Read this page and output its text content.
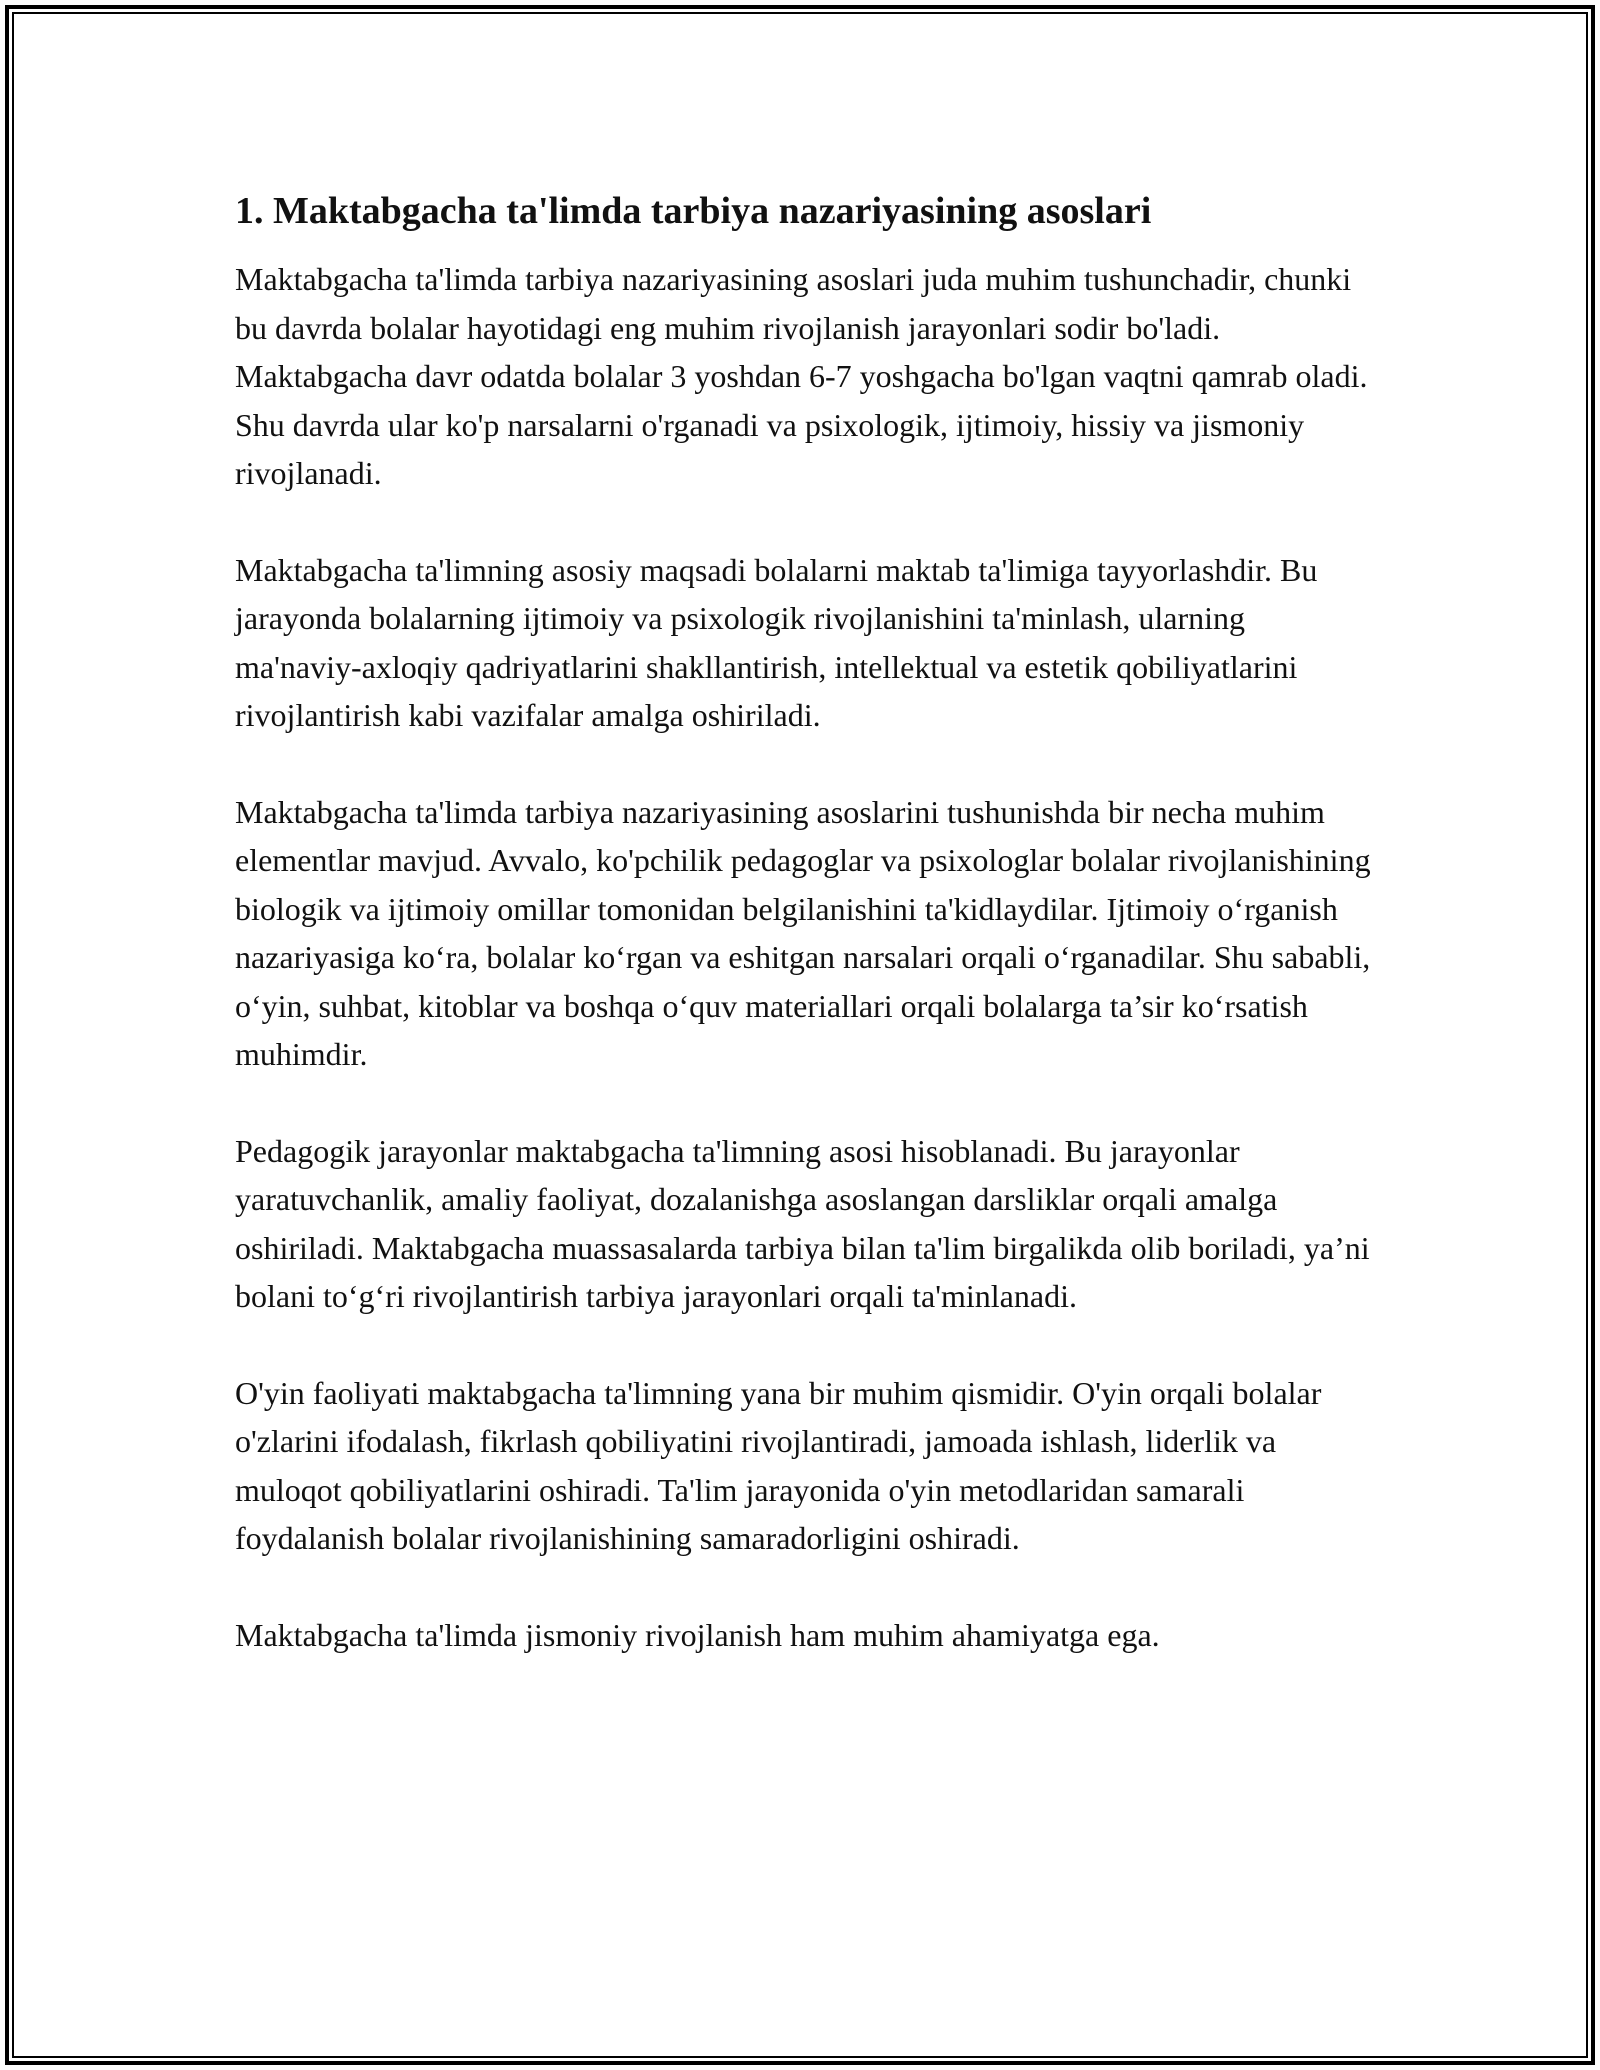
1. Maktabgacha ta'limda tarbiya nazariyasining asoslari

Maktabgacha ta'limda tarbiya nazariyasining asoslari juda muhim tushunchadir, chunki bu davrda bolalar hayotidagi eng muhim rivojlanish jarayonlari sodir bo'ladi. Maktabgacha davr odatda bolalar 3 yoshdan 6-7 yoshgacha bo'lgan vaqtni qamrab oladi. Shu davrda ular ko'p narsalarni o'rganadi va psixologik, ijtimoiy, hissiy va jismoniy rivojlanadi.

Maktabgacha ta'limning asosiy maqsadi bolalarni maktab ta'limiga tayyorlashdir. Bu jarayonda bolalarning ijtimoiy va psixologik rivojlanishini ta'minlash, ularning ma'naviy-axloqiy qadriyatlarini shakllantirish, intellektual va estetik qobiliyatlarini rivojlantirish kabi vazifalar amalga oshiriladi.

Maktabgacha ta'limda tarbiya nazariyasining asoslarini tushunishda bir necha muhim elementlar mavjud. Avvalo, ko'pchilik pedagoglar va psixologlar bolalar rivojlanishining biologik va ijtimoiy omillar tomonidan belgilanishini ta'kidlaydilar. Ijtimoiy o‘rganish nazariyasiga ko‘ra, bolalar ko‘rgan va eshitgan narsalari orqali o‘rganadilar. Shu sababli, o‘yin, suhbat, kitoblar va boshqa o‘quv materiallari orqali bolalarga ta’sir ko‘rsatish muhimdir.

Pedagogik jarayonlar maktabgacha ta'limning asosi hisoblanadi. Bu jarayonlar yaratuvchanlik, amaliy faoliyat, dozalanishga asoslangan darsliklar orqali amalga oshiriladi. Maktabgacha muassasalarda tarbiya bilan ta'lim birgalikda olib boriladi, ya’ni bolani to‘g‘ri rivojlantirish tarbiya jarayonlari orqali ta'minlanadi.

O'yin faoliyati maktabgacha ta'limning yana bir muhim qismidir. O'yin orqali bolalar o'zlarini ifodalash, fikrlash qobiliyatini rivojlantiradi, jamoada ishlash, liderlik va muloqot qobiliyatlarini oshiradi. Ta'lim jarayonida o'yin metodlaridan samarali foydalanish bolalar rivojlanishining samaradorligini oshiradi.

Maktabgacha ta'limda jismoniy rivojlanish ham muhim ahamiyatga ega.
